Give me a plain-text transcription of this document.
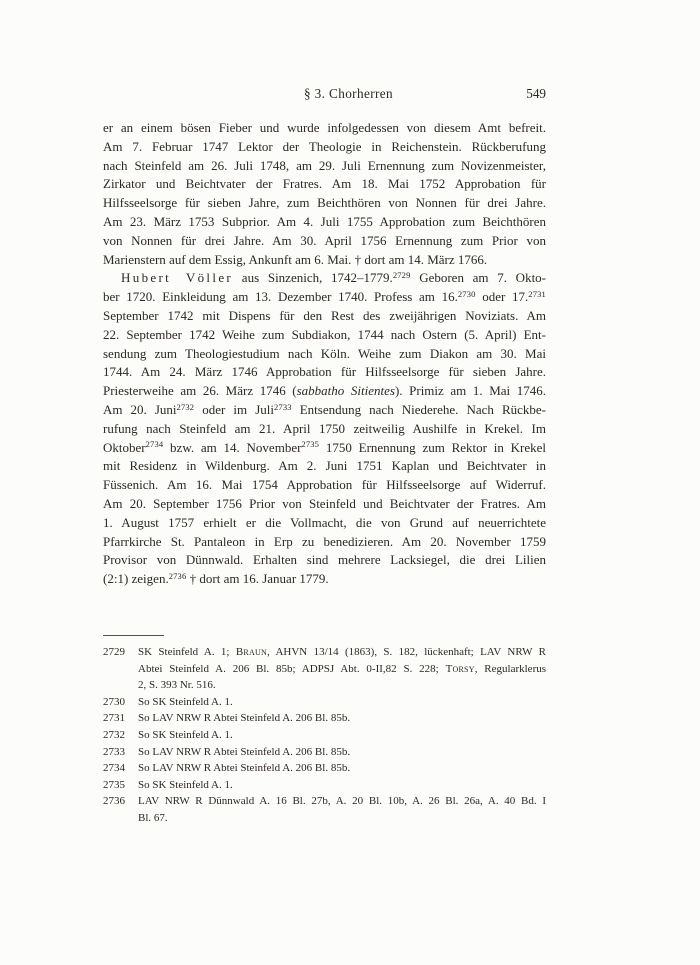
§ 3. Chorherren	549
er an einem bösen Fieber und wurde infolgedessen von diesem Amt befreit.
Am 7. Februar 1747 Lektor der Theologie in Reichenstein. Rückberufung
nach Steinfeld am 26. Juli 1748, am 29. Juli Ernennung zum Novizenmeister,
Zirkator und Beichtvater der Fratres. Am 18. Mai 1752 Approbation für
Hilfsseelsorge für sieben Jahre, zum Beichthören von Nonnen für drei Jahre.
Am 23. März 1753 Subprior. Am 4. Juli 1755 Approbation zum Beichthören
von Nonnen für drei Jahre. Am 30. April 1756 Ernennung zum Prior von
Marienstern auf dem Essig, Ankunft am 6. Mai. † dort am 14. März 1766.
Hubert Völler aus Sinzenich, 1742–1779.$^{2729}$ Geboren am 7. Okto-
ber 1720. Einkleidung am 13. Dezember 1740. Profess am 16.$^{2730}$ oder 17.$^{2731}$
September 1742 mit Dispens für den Rest des zweijährigen Noviziats. Am
22. September 1742 Weihe zum Subdiakon, 1744 nach Ostern (5. April) Ent-
sendung zum Theologiestudium nach Köln. Weihe zum Diakon am 30. Mai
1744. Am 24. März 1746 Approbation für Hilfsseelsorge für sieben Jahre.
Priesterweihe am 26. März 1746 (sabbatho Sitientes). Primiz am 1. Mai 1746.
Am 20. Juni$^{2732}$ oder im Juli$^{2733}$ Entsendung nach Niederehe. Nach Rückbe-
rufung nach Steinfeld am 21. April 1750 zeitweilig Aushilfe in Krekel. Im
Oktober$^{2734}$ bzw. am 14. November$^{2735}$ 1750 Ernennung zum Rektor in Krekel
mit Residenz in Wildenburg. Am 2. Juni 1751 Kaplan und Beichtvater in
Füssenich. Am 16. Mai 1754 Approbation für Hilfsseelsorge auf Widerruf.
Am 20. September 1756 Prior von Steinfeld und Beichtvater der Fratres. Am
1. August 1757 erhielt er die Vollmacht, die von Grund auf neuerrichtete
Pfarrkirche St. Pantaleon in Erp zu benedizieren. Am 20. November 1759
Provisor von Dünnwald. Erhalten sind mehrere Lacksiegel, die drei Lilien
(2:1) zeigen.$^{2736}$ † dort am 16. Januar 1779.
2729	SK Steinfeld A. 1; Braun, AHVN 13/14 (1863), S. 182, lückenhaft; LAV NRW R
Abtei Steinfeld A. 206 Bl. 85b; ADPSJ Abt. 0-II,82 S. 228; Torsy, Regularklerus
2, S. 393 Nr. 516.
2730	So SK Steinfeld A. 1.
2731	So LAV NRW R Abtei Steinfeld A. 206 Bl. 85b.
2732	So SK Steinfeld A. 1.
2733	So LAV NRW R Abtei Steinfeld A. 206 Bl. 85b.
2734	So LAV NRW R Abtei Steinfeld A. 206 Bl. 85b.
2735	So SK Steinfeld A. 1.
2736	LAV NRW R Dünnwald A. 16 Bl. 27b, A. 20 Bl. 10b, A. 26 Bl. 26a, A. 40 Bd. I
Bl. 67.
